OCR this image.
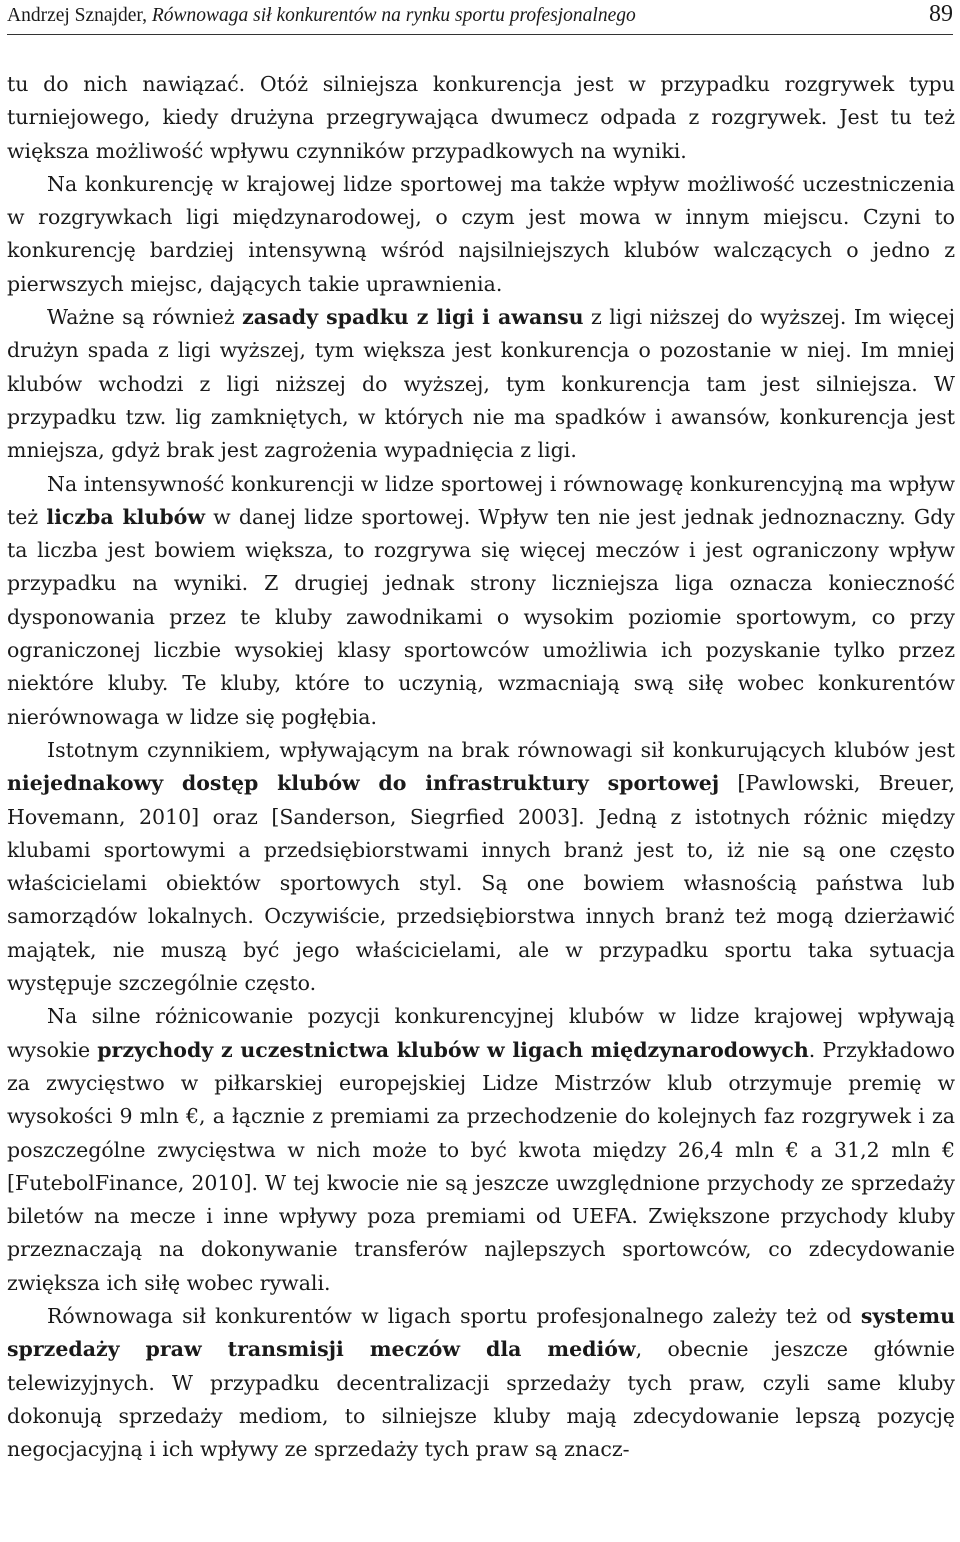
Andrzej Sznajder, Równowaga sił konkurentów na rynku sportu profesjonalnego	89

tu do nich nawiązać. Otóż silniejsza konkurencja jest w przypadku rozgrywek typu turniejowego, kiedy drużyna przegrywająca dwumecz odpada z rozgrywek. Jest tu też większa możliwość wpływu czynników przypadkowych na wyniki.

Na konkurencję w krajowej lidze sportowej ma także wpływ możliwość uczestniczenia w rozgrywkach ligi międzynarodowej, o czym jest mowa w innym miejscu. Czyni to konkurencję bardziej intensywną wśród najsilniejszych klubów walczących o jedno z pierwszych miejsc, dających takie uprawnienia.

Ważne są również zasady spadku z ligi i awansu z ligi niższej do wyższej. Im więcej drużyn spada z ligi wyższej, tym większa jest konkurencja o pozostanie w niej. Im mniej klubów wchodzi z ligi niższej do wyższej, tym konkurencja tam jest silniejsza. W przypadku tzw. lig zamkniętych, w których nie ma spadków i awansów, konkurencja jest mniejsza, gdyż brak jest zagrożenia wypadnięcia z ligi.

Na intensywność konkurencji w lidze sportowej i równowagę konkurencyjną ma wpływ też liczba klubów w danej lidze sportowej. Wpływ ten nie jest jednak jednoznaczny. Gdy ta liczba jest bowiem większa, to rozgrywa się więcej meczów i jest ograniczony wpływ przypadku na wyniki. Z drugiej jednak strony liczniejsza liga oznacza konieczność dysponowania przez te kluby zawodnikami o wysokim poziomie sportowym, co przy ograniczonej liczbie wysokiej klasy sportowców umożliwia ich pozyskanie tylko przez niektóre kluby. Te kluby, które to uczynią, wzmacniają swą siłę wobec konkurentów nierównowaga w lidze się pogłębia.

Istotnym czynnikiem, wpływającym na brak równowagi sił konkurujących klubów jest niejednakowy dostęp klubów do infrastruktury sportowej [Pawlowski, Breuer, Hovemann, 2010] oraz [Sanderson, Siegrfied 2003]. Jedną z istotnych różnic między klubami sportowymi a przedsiębiorstwami innych branż jest to, iż nie są one często właścicielami obiektów sportowych styl. Są one bowiem własnością państwa lub samorządów lokalnych. Oczywiście, przedsiębiorstwa innych branż też mogą dzierżawić majątek, nie muszą być jego właścicielami, ale w przypadku sportu taka sytuacja występuje szczególnie często.

Na silne różnicowanie pozycji konkurencyjnej klubów w lidze krajowej wpływają wysokie przychody z uczestnictwa klubów w ligach międzynarodowych. Przykładowo za zwycięstwo w piłkarskiej europejskiej Lidze Mistrzów klub otrzymuje premię w wysokości 9 mln €, a łącznie z premiami za przechodzenie do kolejnych faz rozgrywek i za poszczególne zwycięstwa w nich może to być kwota między 26,4 mln € a 31,2 mln € [FutebolFinance, 2010]. W tej kwocie nie są jeszcze uwzględnione przychody ze sprzedaży biletów na mecze i inne wpływy poza premiami od UEFA. Zwiększone przychody kluby przeznaczają na dokonywanie transferów najlepszych sportowców, co zdecydowanie zwiększa ich siłę wobec rywali.

Równowaga sił konkurentów w ligach sportu profesjonalnego zależy też od systemu sprzedaży praw transmisji meczów dla mediów, obecnie jeszcze głównie telewizyjnych. W przypadku decentralizacji sprzedaży tych praw, czyli same kluby dokonują sprzedaży mediom, to silniejsze kluby mają zdecydowanie lepszą pozycję negocjacyjną i ich wpływy ze sprzedaży tych praw są znacz-
